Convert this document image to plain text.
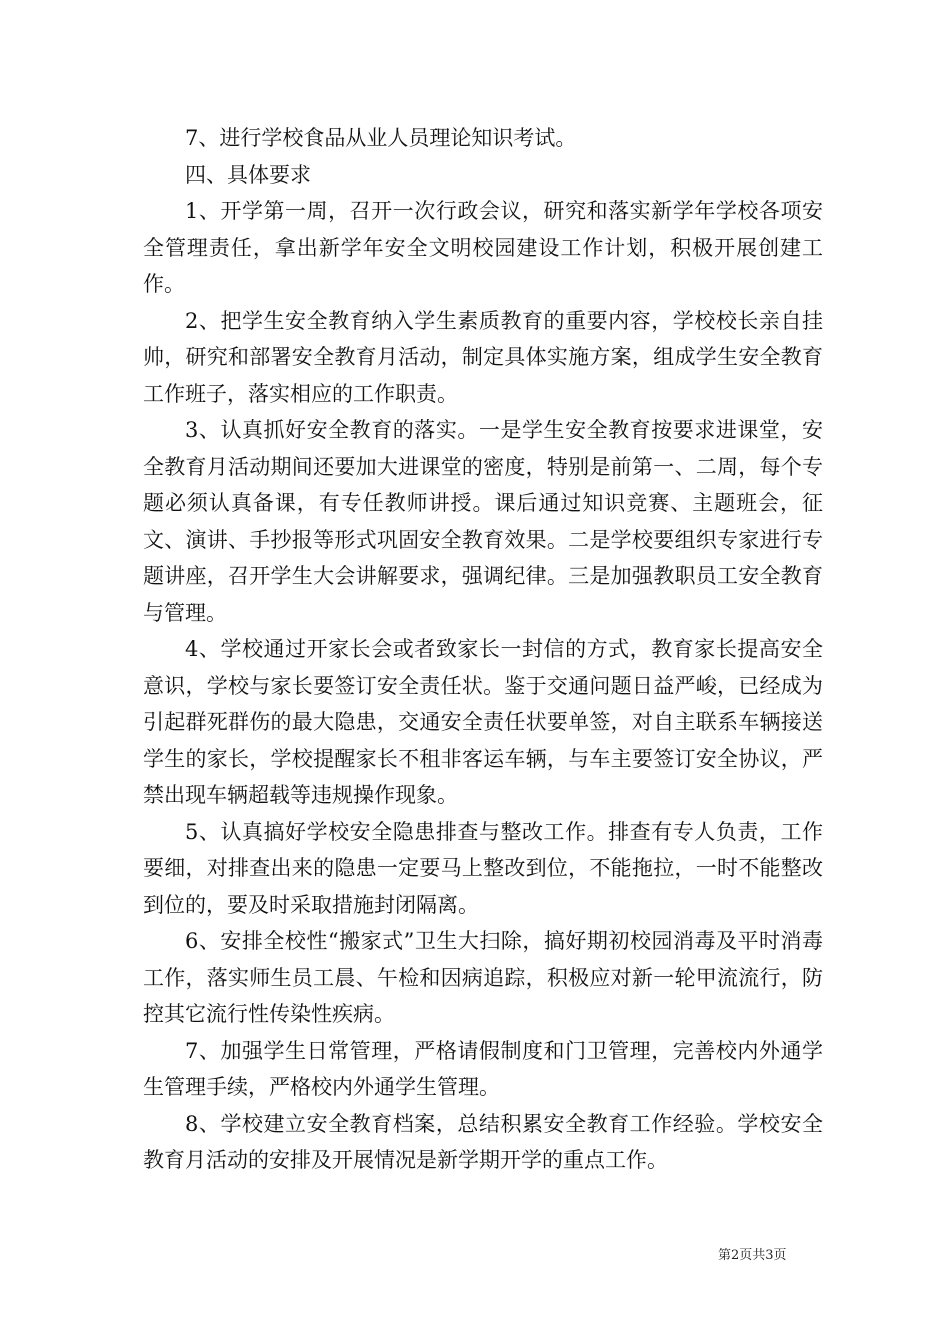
7、进行学校食品从业人员理论知识考试。

四、具体要求

1、开学第一周，召开一次行政会议，研究和落实新学年学校各项安全管理责任，拿出新学年安全文明校园建设工作计划，积极开展创建工作。

2、把学生安全教育纳入学生素质教育的重要内容，学校校长亲自挂帅，研究和部署安全教育月活动，制定具体实施方案，组成学生安全教育工作班子，落实相应的工作职责。

3、认真抓好安全教育的落实。一是学生安全教育按要求进课堂，安全教育月活动期间还要加大进课堂的密度，特别是前第一、二周，每个专题必须认真备课，有专任教师讲授。课后通过知识竞赛、主题班会，征文、演讲、手抄报等形式巩固安全教育效果。二是学校要组织专家进行专题讲座，召开学生大会讲解要求，强调纪律。三是加强教职员工安全教育与管理。

4、学校通过开家长会或者致家长一封信的方式，教育家长提高安全意识，学校与家长要签订安全责任状。鉴于交通问题日益严峻，已经成为引起群死群伤的最大隐患，交通安全责任状要单签，对自主联系车辆接送学生的家长，学校提醒家长不租非客运车辆，与车主要签订安全协议，严禁出现车辆超载等违规操作现象。

5、认真搞好学校安全隐患排查与整改工作。排查有专人负责，工作要细，对排查出来的隐患一定要马上整改到位，不能拖拉，一时不能整改到位的，要及时采取措施封闭隔离。

6、安排全校性“搬家式”卫生大扫除，搞好期初校园消毒及平时消毒工作，落实师生员工晨、午检和因病追踪，积极应对新一轮甲流流行，防控其它流行性传染性疾病。

7、加强学生日常管理，严格请假制度和门卫管理，完善校内外通学生管理手续，严格校内外通学生管理。

8、学校建立安全教育档案，总结积累安全教育工作经验。学校安全教育月活动的安排及开展情况是新学期开学的重点工作。

第2页共3页
